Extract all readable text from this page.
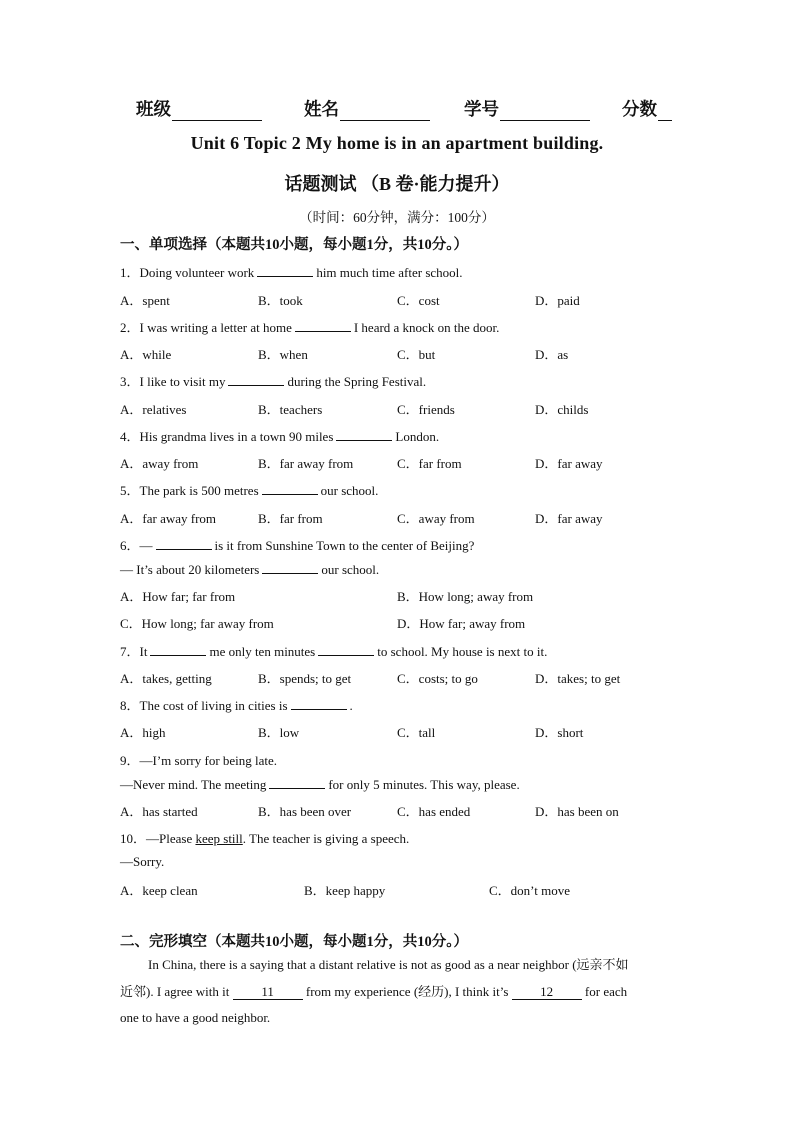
班级	姓名	学号	分数
Unit 6 Topic 2 My home is in an apartment building.
话题测试 （B 卷·能力提升）
（时间：60分钟，满分：100分）
一、单项选择（本题共10小题，每小题1分，共10分。）
1．Doing volunteer work	him much time after school.
A．spent	B．took	C．cost	D．paid
2．I was writing a letter at home	I heard a knock on the door.
A．while	B．when	C．but	D．as
3．I like to visit my	during the Spring Festival.
A．relatives	B．teachers	C．friends	D．childs
4．His grandma lives in a town 90 miles	London.
A．away from	B．far away from	C．far from	D．far away
5．The park is 500 metres	our school.
A．far away from	B．far from	C．away from	D．far away
6．—	is it from Sunshine Town to the center of Beijing?
— It’s about 20 kilometers	our school.
A．How far; far from	B．How long; away from
C．How long; far away from	D．How far; away from
7．It	me only ten minutes	to school. My house is next to it.
A．takes, getting	B．spends; to get	C．costs; to go	D．takes; to get
8．The cost of living in cities is	.
A．high	B．low	C．tall	D．short
9．—I’m sorry for being late.
—Never mind. The meeting	for only 5 minutes. This way, please.
A．has started	B．has been over	C．has ended	D．has been on
10．—Please keep still. The teacher is giving a speech.
—Sorry.
A．keep clean	B．keep happy	C．don’t move
二、完形填空（本题共10小题，每小题1分，共10分。）
In China, there is a saying that a distant relative is not as good as a near neighbor (远亲不如
近邻). I agree with it 11 from my experience (经历), I think it’s 12 for each
one to have a good neighbor.
